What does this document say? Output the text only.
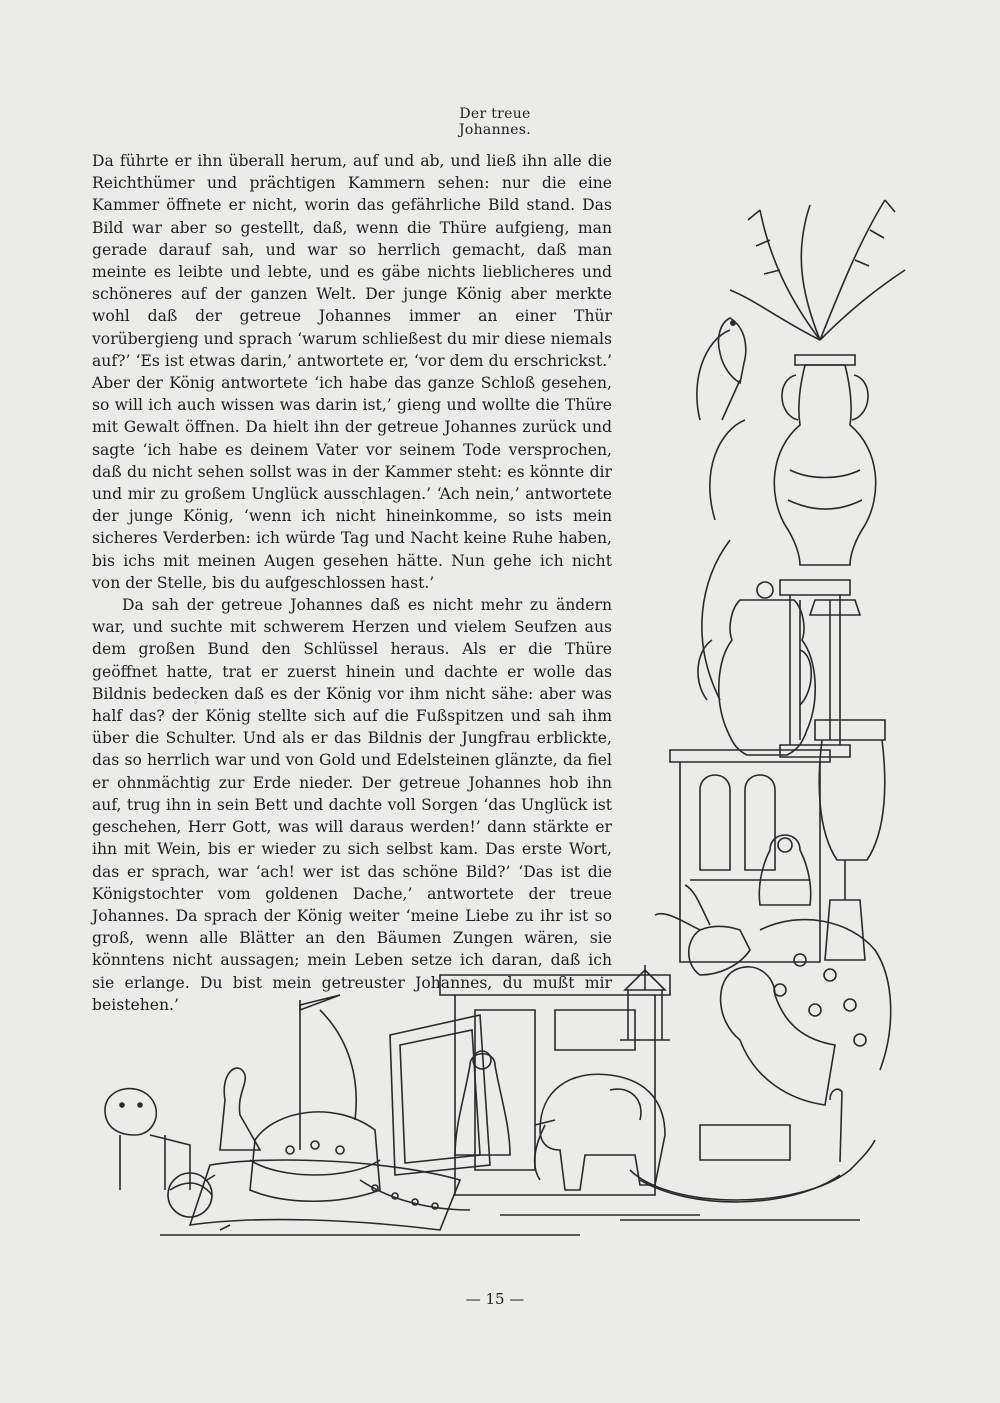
Der treue Johannes.

Da führte er ihn überall herum, auf und ab, und ließ ihn alle die Reichthümer und prächtigen Kammern sehen: nur die eine Kammer öffnete er nicht, worin das gefährliche Bild stand. Das Bild war aber so gestellt, daß, wenn die Thüre aufgieng, man gerade darauf sah, und war so herrlich gemacht, daß man meinte es leibte und lebte, und es gäbe nichts lieblicheres und schöneres auf der ganzen Welt. Der junge König aber merkte wohl daß der getreue Johannes immer an einer Thür vorübergieng und sprach ‘warum schließest du mir diese niemals auf?’ ‘Es ist etwas darin,’ antwortete er, ‘vor dem du erschrickst.’ Aber der König antwortete ‘ich habe das ganze Schloß gesehen, so will ich auch wissen was darin ist,’ gieng und wollte die Thüre mit Gewalt öffnen. Da hielt ihn der getreue Johannes zurück und sagte ‘ich habe es deinem Vater vor seinem Tode versprochen, daß du nicht sehen sollst was in der Kammer steht: es könnte dir und mir zu großem Unglück ausschlagen.’ ‘Ach nein,’ antwortete der junge König, ‘wenn ich nicht hineinkomme, so ists mein sicheres Verderben: ich würde Tag und Nacht keine Ruhe haben, bis ichs mit meinen Augen gesehen hätte. Nun gehe ich nicht von der Stelle, bis du aufgeschlossen hast.’

Da sah der getreue Johannes daß es nicht mehr zu ändern war, und suchte mit schwerem Herzen und vielem Seufzen aus dem großen Bund den Schlüssel heraus. Als er die Thüre geöffnet hatte, trat er zuerst hinein und dachte er wolle das Bildnis bedecken daß es der König vor ihm nicht sähe: aber was half das? der König stellte sich auf die Fußspitzen und sah ihm über die Schulter. Und als er das Bildnis der Jungfrau erblickte, das so herrlich war und von Gold und Edelsteinen glänzte, da fiel er ohnmächtig zur Erde nieder. Der getreue Johannes hob ihn auf, trug ihn in sein Bett und dachte voll Sorgen ‘das Unglück ist geschehen, Herr Gott, was will daraus werden!’ dann stärkte er ihn mit Wein, bis er wieder zu sich selbst kam. Das erste Wort, das er sprach, war ‘ach! wer ist das schöne Bild?’ ‘Das ist die Königstochter vom goldenen Dache,’ antwortete der treue Johannes. Da sprach der König weiter ‘meine Liebe zu ihr ist so groß, wenn alle Blätter an den Bäumen Zungen wären, sie könntens nicht aussagen; mein Leben setze ich daran, daß ich sie erlange. Du bist mein getreuster Johannes, du mußt mir beistehen.’

— 15 —
